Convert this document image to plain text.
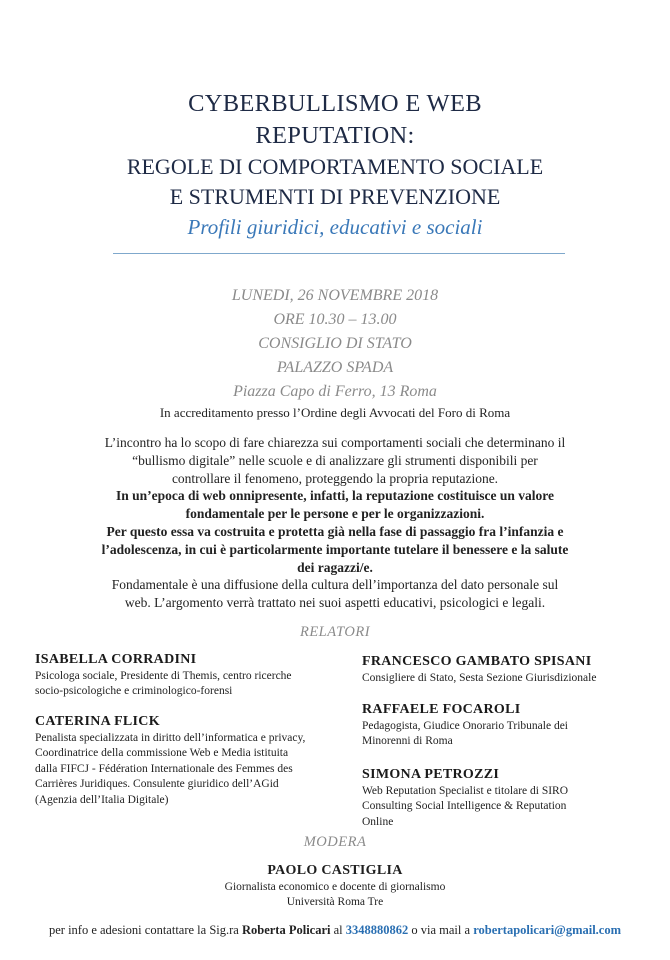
CYBERBULLISMO E WEB
REPUTATION:
REGOLE DI COMPORTAMENTO SOCIALE
E STRUMENTI DI PREVENZIONE
Profili giuridici, educativi e sociali
LUNEDI, 26 NOVEMBRE 2018
ORE 10.30 – 13.00
CONSIGLIO DI STATO
PALAZZO SPADA
Piazza Capo di Ferro, 13 Roma
In accreditamento presso l’Ordine degli Avvocati del Foro di Roma
L’incontro ha lo scopo di fare chiarezza sui comportamenti sociali che determinano il
“bullismo digitale” nelle scuole e di analizzare gli strumenti disponibili per
controllare il fenomeno, proteggendo la propria reputazione.
In un’epoca di web onnipresente, infatti, la reputazione costituisce un valore
fondamentale per le persone e per le organizzazioni.
Per questo essa va costruita e protetta già nella fase di passaggio fra l’infanzia e
l’adolescenza, in cui è particolarmente importante tutelare il benessere e la salute
dei ragazzi/e.
Fondamentale è una diffusione della cultura dell’importanza del dato personale sul
web. L’argomento verrà trattato nei suoi aspetti educativi, psicologici e legali.
RELATORI
ISABELLA CORRADINI
Psicologa sociale, Presidente di Themis, centro ricerche
socio-psicologiche e criminologico-forensi
CATERINA FLICK
Penalista specializzata in diritto dell’informatica e privacy,
Coordinatrice della commissione Web e Media istituita
dalla FIFCJ - Fédération Internationale des Femmes des
Carrières Juridiques. Consulente giuridico dell’AGid
(Agenzia dell’Italia Digitale)
FRANCESCO GAMBATO SPISANI
Consigliere di Stato, Sesta Sezione Giurisdizionale
RAFFAELE FOCAROLI
Pedagogista, Giudice Onorario Tribunale dei
Minorenni di Roma
SIMONA PETROZZI
Web Reputation Specialist e titolare di SIRO
Consulting Social Intelligence & Reputation
Online
MODERA
PAOLO CASTIGLIA
Giornalista economico e docente di giornalismo
Università Roma Tre
per info e adesioni contattare la Sig.ra Roberta Policari al 3348880862 o via mail a robertapolicari@gmail.com
